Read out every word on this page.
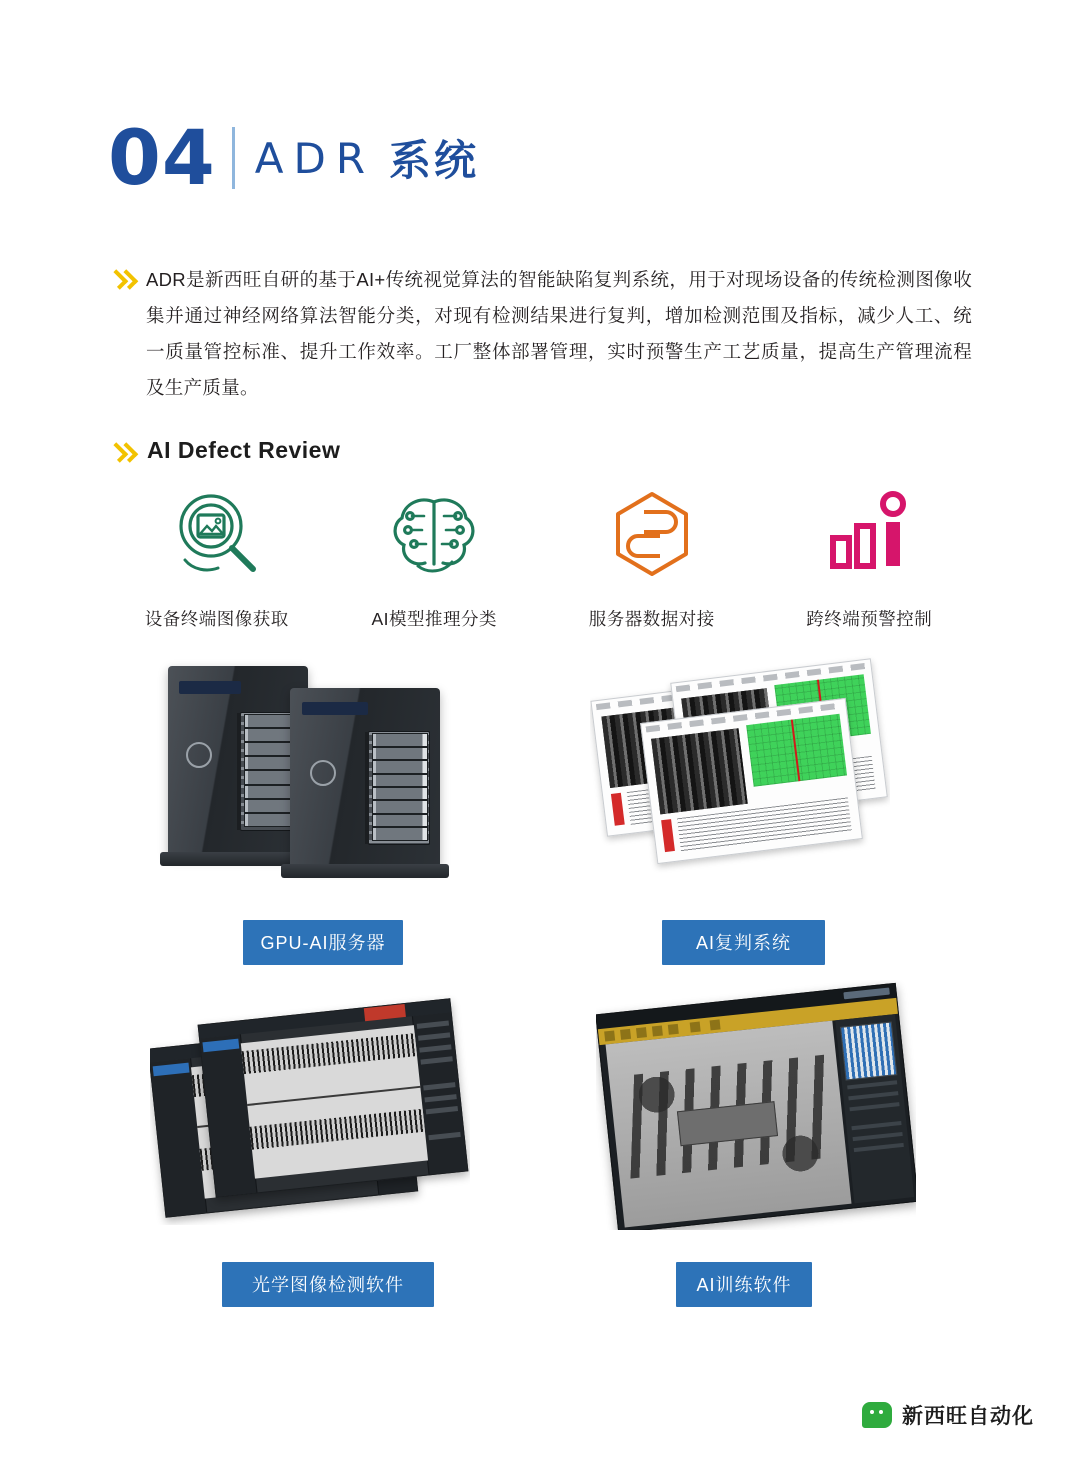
04 ADR 系统
ADR是新西旺自研的基于AI+传统视觉算法的智能缺陷复判系统，用于对现场设备的传统检测图像收集并通过神经网络算法智能分类，对现有检测结果进行复判，增加检测范围及指标，减少人工、统一质量管控标准、提升工作效率。工厂整体部署管理，实时预警生产工艺质量，提高生产管理流程及生产质量。
AI Defect Review
设备终端图像获取	AI模型推理分类	服务器数据对接	跨终端预警控制
GPU-AI服务器	AI复判系统
光学图像检测软件	AI训练软件
新西旺自动化
